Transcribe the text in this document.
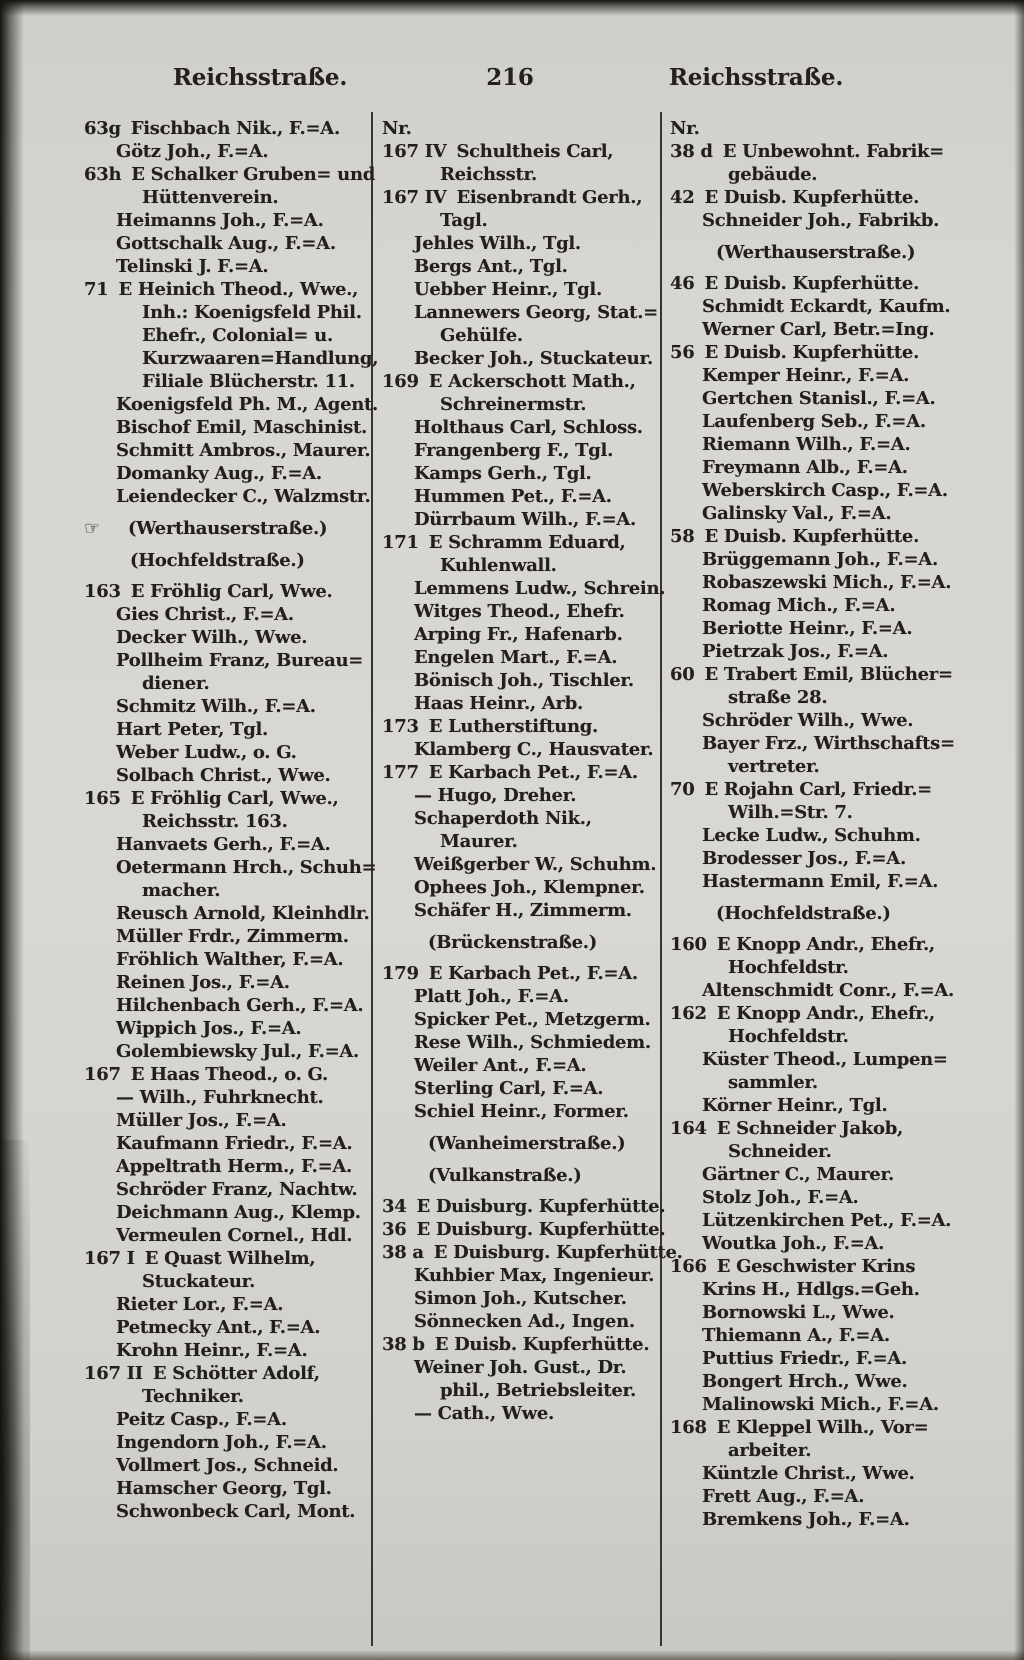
Reichsstraße.	216	Reichsstraße.
63g Fischbach Nik., F.=A.
Götz Joh., F.=A.
63h E Schalker Gruben= und
Hüttenverein.
Heimanns Joh., F.=A.
Gottschalk Aug., F.=A.
Telinski J. F.=A.
71 E Heinich Theod., Wwe.,
Inh.: Koenigsfeld Phil.
Ehefr., Colonial= u.
Kurzwaaren=Handlung,
Filiale Blücherstr. 11.
Koenigsfeld Ph. M., Agent.
Bischof Emil, Maschinist.
Schmitt Ambros., Maurer.
Domanky Aug., F.=A.
Leiendecker C., Walzmstr.
☞ (Werthauserstraße.)
(Hochfeldstraße.)
163 E Fröhlig Carl, Wwe.
Gies Christ., F.=A.
Decker Wilh., Wwe.
Pollheim Franz, Bureau=
diener.
Schmitz Wilh., F.=A.
Hart Peter, Tgl.
Weber Ludw., o. G.
Solbach Christ., Wwe.
165 E Fröhlig Carl, Wwe.,
Reichsstr. 163.
Hanvaets Gerh., F.=A.
Oetermann Hrch., Schuh=
macher.
Reusch Arnold, Kleinhdlr.
Müller Frdr., Zimmerm.
Fröhlich Walther, F.=A.
Reinen Jos., F.=A.
Hilchenbach Gerh., F.=A.
Wippich Jos., F.=A.
Golembiewsky Jul., F.=A.
167 E Haas Theod., o. G.
— Wilh., Fuhrknecht.
Müller Jos., F.=A.
Kaufmann Friedr., F.=A.
Appeltrath Herm., F.=A.
Schröder Franz, Nachtw.
Deichmann Aug., Klemp.
Vermeulen Cornel., Hdl.
167 I E Quast Wilhelm,
Stuckateur.
Rieter Lor., F.=A.
Petmecky Ant., F.=A.
Krohn Heinr., F.=A.
167 II E Schötter Adolf,
Techniker.
Peitz Casp., F.=A.
Ingendorn Joh., F.=A.
Vollmert Jos., Schneid.
Hamscher Georg, Tgl.
Schwonbeck Carl, Mont.
Nr.
167 IV Schultheis Carl,
Reichsstr.
167 IV Eisenbrandt Gerh.,
Tagl.
Jehles Wilh., Tgl.
Bergs Ant., Tgl.
Uebber Heinr., Tgl.
Lannewers Georg, Stat.=
Gehülfe.
Becker Joh., Stuckateur.
169 E Ackerschott Math.,
Schreinermstr.
Holthaus Carl, Schloss.
Frangenberg F., Tgl.
Kamps Gerh., Tgl.
Hummen Pet., F.=A.
Dürrbaum Wilh., F.=A.
171 E Schramm Eduard,
Kuhlenwall.
Lemmens Ludw., Schrein.
Witges Theod., Ehefr.
Arping Fr., Hafenarb.
Engelen Mart., F.=A.
Bönisch Joh., Tischler.
Haas Heinr., Arb.
173 E Lutherstiftung.
Klamberg C., Hausvater.
177 E Karbach Pet., F.=A.
— Hugo, Dreher.
Schaperdoth Nik.,
Maurer.
Weißgerber W., Schuhm.
Ophees Joh., Klempner.
Schäfer H., Zimmerm.
(Brückenstraße.)
179 E Karbach Pet., F.=A.
Platt Joh., F.=A.
Spicker Pet., Metzgerm.
Rese Wilh., Schmiedem.
Weiler Ant., F.=A.
Sterling Carl, F.=A.
Schiel Heinr., Former.
(Wanheimerstraße.)
(Vulkanstraße.)
34 E Duisburg. Kupferhütte.
36 E Duisburg. Kupferhütte.
38 a E Duisburg. Kupferhütte.
Kuhbier Max, Ingenieur.
Simon Joh., Kutscher.
Sönnecken Ad., Ingen.
38 b E Duisb. Kupferhütte.
Weiner Joh. Gust., Dr.
phil., Betriebsleiter.
— Cath., Wwe.
Nr.
38 d E Unbewohnt. Fabrik=
gebäude.
42 E Duisb. Kupferhütte.
Schneider Joh., Fabrikb.
(Werthauserstraße.)
46 E Duisb. Kupferhütte.
Schmidt Eckardt, Kaufm.
Werner Carl, Betr.=Ing.
56 E Duisb. Kupferhütte.
Kemper Heinr., F.=A.
Gertchen Stanisl., F.=A.
Laufenberg Seb., F.=A.
Riemann Wilh., F.=A.
Freymann Alb., F.=A.
Weberskirch Casp., F.=A.
Galinsky Val., F.=A.
58 E Duisb. Kupferhütte.
Brüggemann Joh., F.=A.
Robaszewski Mich., F.=A.
Romag Mich., F.=A.
Beriotte Heinr., F.=A.
Pietrzak Jos., F.=A.
60 E Trabert Emil, Blücher=
straße 28.
Schröder Wilh., Wwe.
Bayer Frz., Wirthschafts=
vertreter.
70 E Rojahn Carl, Friedr.=
Wilh.=Str. 7.
Lecke Ludw., Schuhm.
Brodesser Jos., F.=A.
Hastermann Emil, F.=A.
(Hochfeldstraße.)
160 E Knopp Andr., Ehefr.,
Hochfeldstr.
Altenschmidt Conr., F.=A.
162 E Knopp Andr., Ehefr.,
Hochfeldstr.
Küster Theod., Lumpen=
sammler.
Körner Heinr., Tgl.
164 E Schneider Jakob,
Schneider.
Gärtner C., Maurer.
Stolz Joh., F.=A.
Lützenkirchen Pet., F.=A.
Woutka Joh., F.=A.
166 E Geschwister Krins
Krins H., Hdlgs.=Geh.
Bornowski L., Wwe.
Thiemann A., F.=A.
Puttius Friedr., F.=A.
Bongert Hrch., Wwe.
Malinowski Mich., F.=A.
168 E Kleppel Wilh., Vor=
arbeiter.
Küntzle Christ., Wwe.
Frett Aug., F.=A.
Bremkens Joh., F.=A.
